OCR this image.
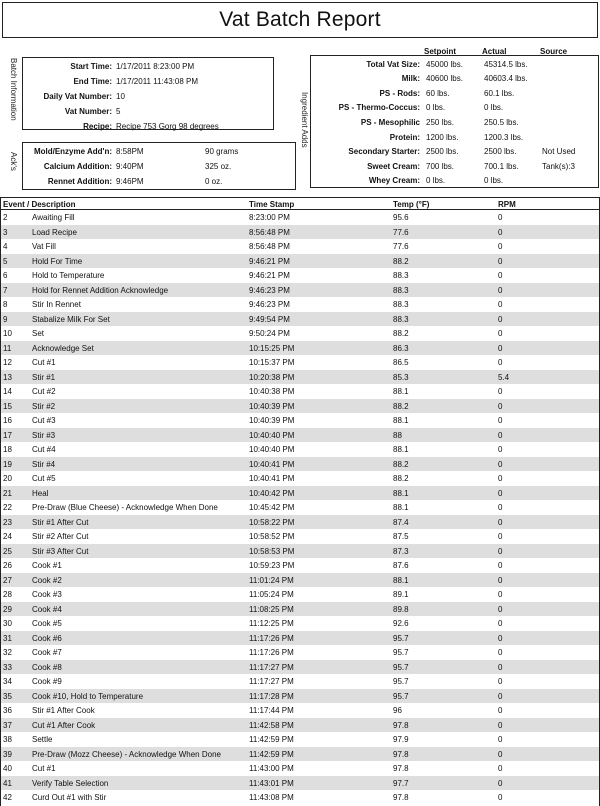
Vat Batch Report
Batch Information
Ack's
Ingredient Adds
Start Time: 1/17/2011 8:23:00 PM
End Time: 1/17/2011 11:43:08 PM
Daily Vat Number: 10
Vat Number: 5
Recipe: Recipe 753 Gorg 98 degrees
Mold/Enzyme Add'n: 8:58PM	90 grams
Calcium Addition: 9:40PM	325 oz.
Rennet Addition: 9:46PM	0 oz.
Setpoint	Actual	Source
Total Vat Size: 45000 lbs.	45314.5 lbs.
Milk: 40600 lbs.	40603.4 lbs.
PS - Rods: 60 lbs.	60.1 lbs.
PS - Thermo-Coccus: 0 lbs.	0 lbs.
PS - Mesophilic 250 lbs.	250.5 lbs.
Protein: 1200 lbs.	1200.3 lbs.
Secondary Starter: 2500 lbs.	2500 lbs.	Not Used
Sweet Cream: 700 lbs.	700.1 lbs.	Tank(s):3
Whey Cream: 0 lbs.	0 lbs.
Event / Description	Time Stamp	Temp (°F)	RPM
2	Awaiting Fill	8:23:00 PM	95.6	0
3	Load Recipe	8:56:48 PM	77.6	0
4	Vat Fill	8:56:48 PM	77.6	0
5	Hold For Time	9:46:21 PM	88.2	0
6	Hold to Temperature	9:46:21 PM	88.3	0
7	Hold for Rennet Addition Acknowledge	9:46:23 PM	88.3	0
8	Stir In Rennet	9:46:23 PM	88.3	0
9	Stabalize Milk For Set	9:49:54 PM	88.3	0
10	Set	9:50:24 PM	88.2	0
11	Acknowledge Set	10:15:25 PM	86.3	0
12	Cut #1	10:15:37 PM	86.5	0
13	Stir #1	10:20:38 PM	85.3	5.4
14	Cut #2	10:40:38 PM	88.1	0
15	Stir #2	10:40:39 PM	88.2	0
16	Cut #3	10:40:39 PM	88.1	0
17	Stir #3	10:40:40 PM	88	0
18	Cut #4	10:40:40 PM	88.1	0
19	Stir #4	10:40:41 PM	88.2	0
20	Cut #5	10:40:41 PM	88.2	0
21	Heal	10:40:42 PM	88.1	0
22	Pre-Draw (Blue Cheese) - Acknowledge When Done	10:45:42 PM	88.1	0
23	Stir #1 After Cut	10:58:22 PM	87.4	0
24	Stir #2 After Cut	10:58:52 PM	87.5	0
25	Stir #3 After Cut	10:58:53 PM	87.3	0
26	Cook #1	10:59:23 PM	87.6	0
27	Cook #2	11:01:24 PM	88.1	0
28	Cook #3	11:05:24 PM	89.1	0
29	Cook #4	11:08:25 PM	89.8	0
30	Cook #5	11:12:25 PM	92.6	0
31	Cook #6	11:17:26 PM	95.7	0
32	Cook #7	11:17:26 PM	95.7	0
33	Cook #8	11:17:27 PM	95.7	0
34	Cook #9	11:17:27 PM	95.7	0
35	Cook #10, Hold to Temperature	11:17:28 PM	95.7	0
36	Stir #1 After Cook	11:17:44 PM	96	0
37	Cut #1 After Cook	11:42:58 PM	97.8	0
38	Settle	11:42:59 PM	97.9	0
39	Pre-Draw (Mozz Cheese) - Acknowledge When Done	11:42:59 PM	97.8	0
40	Cut #1	11:43:00 PM	97.8	0
41	Verify Table Selection	11:43:01 PM	97.7	0
42	Curd Out #1 with Stir	11:43:08 PM	97.8	0
